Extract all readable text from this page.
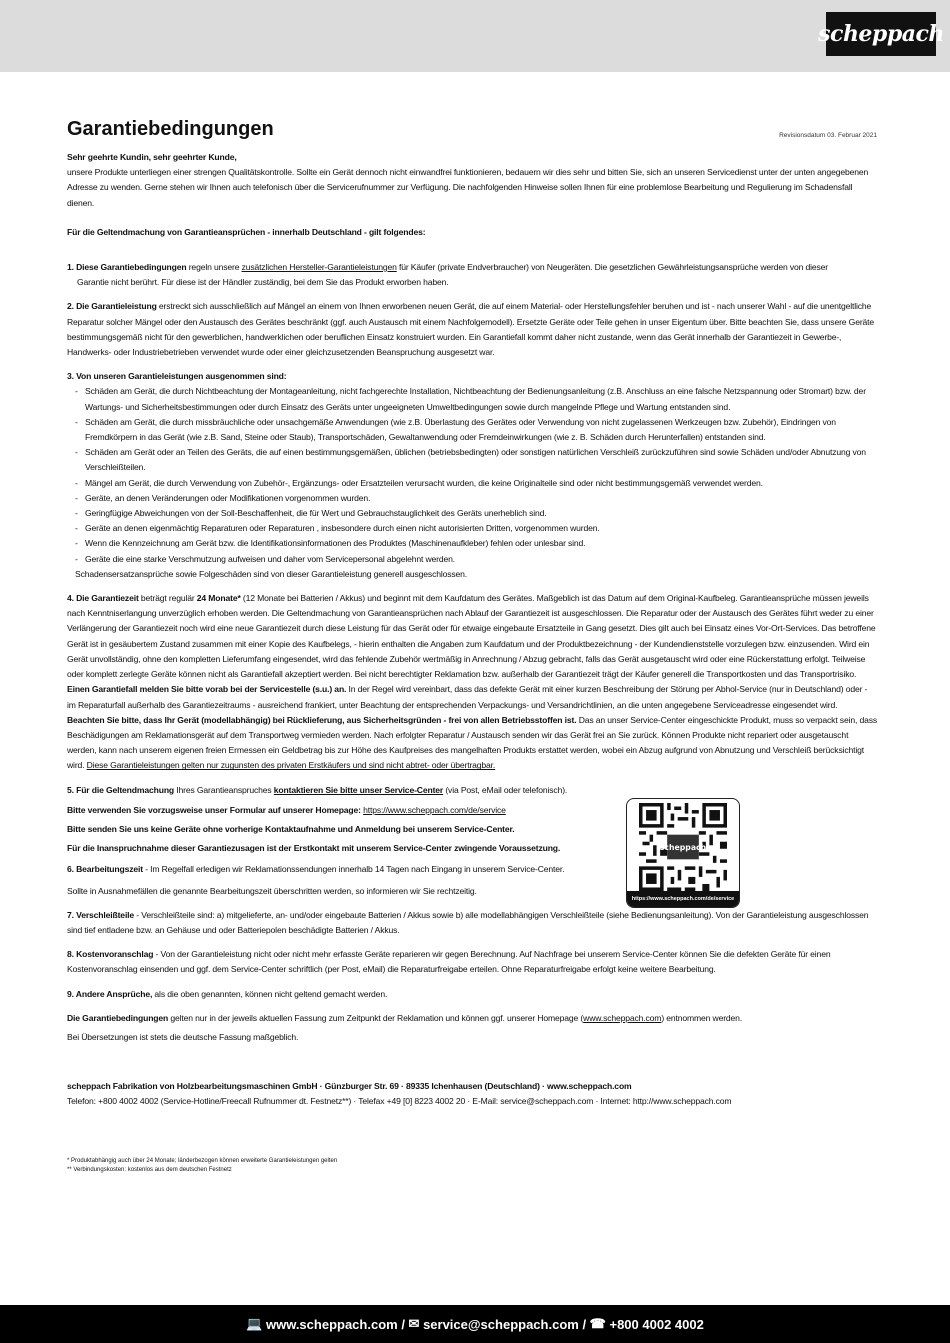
scheppach
Garantiebedingungen	Revisionsdatum 03. Februar 2021

Sehr geehrte Kundin, sehr geehrter Kunde,

unsere Produkte unterliegen einer strengen Qualitätskontrolle. Sollte ein Gerät dennoch nicht einwandfrei funktionieren, bedauern wir dies sehr und bitten Sie, sich an unseren Servicedienst unter der unten angegebenen Adresse zu wenden. Gerne stehen wir Ihnen auch telefonisch über die Servicerufnummer zur Verfügung. Die nachfolgenden Hinweise sollen Ihnen für eine problemlose Bearbeitung und Regulierung im Schadensfall dienen.

Für die Geltendmachung von Garantieansprüchen - innerhalb Deutschland - gilt folgendes:

1. Diese Garantiebedingungen regeln unsere zusätzlichen Hersteller-Garantieleistungen für Käufer (private Endverbraucher) von Neugeräten. Die gesetzlichen Gewährleistungsansprüche werden von dieser

Garantie nicht berührt. Für diese ist der Händler zuständig, bei dem Sie das Produkt erworben haben.

2. Die Garantieleistung erstreckt sich ausschließlich auf Mängel an einem von Ihnen erworbenen neuen Gerät, die auf einem Material- oder Herstellungsfehler beruhen und ist - nach unserer Wahl - auf die unentgeltliche Reparatur solcher Mängel oder den Austausch des Gerätes beschränkt (ggf. auch Austausch mit einem Nachfolgemodell). Ersetzte Geräte oder Teile gehen in unser Eigentum über. Bitte beachten Sie, dass unsere Geräte bestimmungsgemäß nicht für den gewerblichen, handwerklichen oder beruflichen Einsatz konstruiert wurden. Ein Garantiefall kommt daher nicht zustande, wenn das Gerät innerhalb der Garantiezeit in Gewerbe-, Handwerks- oder Industriebetrieben verwendet wurde oder einer gleichzusetzenden Beanspruchung ausgesetzt war.

3. Von unseren Garantieleistungen ausgenommen sind:

- Schäden am Gerät, die durch Nichtbeachtung der Montageanleitung, nicht fachgerechte Installation, Nichtbeachtung der Bedienungsanleitung (z.B. Anschluss an eine falsche Netzspannung oder Stromart) bzw. der Wartungs- und Sicherheitsbestimmungen oder durch Einsatz des Geräts unter ungeeigneten Umweltbedingungen sowie durch mangelnde Pflege und Wartung entstanden sind.
- Schäden am Gerät, die durch missbräuchliche oder unsachgemäße Anwendungen (wie z.B. Überlastung des Gerätes oder Verwendung von nicht zugelassenen Werkzeugen bzw. Zubehör), Eindringen von Fremdkörpern in das Gerät (wie z.B. Sand, Steine oder Staub), Transportschäden, Gewaltanwendung oder Fremdeinwirkungen (wie z. B. Schäden durch Herunterfallen) entstanden sind.
- Schäden am Gerät oder an Teilen des Geräts, die auf einen bestimmungsgemäßen, üblichen (betriebsbedingten) oder sonstigen natürlichen Verschleiß zurückzuführen sind sowie Schäden und/oder Abnutzung von Verschleißteilen.
- Mängel am Gerät, die durch Verwendung von Zubehör-, Ergänzungs- oder Ersatzteilen verursacht wurden, die keine Originalteile sind oder nicht bestimmungsgemäß verwendet werden.
- Geräte, an denen Veränderungen oder Modifikationen vorgenommen wurden.
- Geringfügige Abweichungen von der Soll-Beschaffenheit, die für Wert und Gebrauchstauglichkeit des Geräts unerheblich sind.
- Geräte an denen eigenmächtig Reparaturen oder Reparaturen , insbesondere durch einen nicht autorisierten Dritten, vorgenommen wurden.
- Wenn die Kennzeichnung am Gerät bzw. die Identifikationsinformationen des Produktes (Maschinenaufkleber) fehlen oder unlesbar sind.
- Geräte die eine starke Verschmutzung aufweisen und daher vom Servicepersonal abgelehnt werden.

Schadensersatzansprüche sowie Folgeschäden sind von dieser Garantieleistung generell ausgeschlossen.

4. Die Garantiezeit beträgt regulär 24 Monate* (12 Monate bei Batterien / Akkus) und beginnt mit dem Kaufdatum des Gerätes. Maßgeblich ist das Datum auf dem Original-Kaufbeleg. Garantieansprüche müssen jeweils nach Kenntniserlangung unverzüglich erhoben werden. Die Geltendmachung von Garantieansprüchen nach Ablauf der Garantiezeit ist ausgeschlossen. Die Reparatur oder der Austausch des Gerätes führt weder zu einer Verlängerung der Garantiezeit noch wird eine neue Garantiezeit durch diese Leistung für das Gerät oder für etwaige eingebaute Ersatzteile in Gang gesetzt. Dies gilt auch bei Einsatz eines Vor-Ort-Services. Das betroffene Gerät ist in gesäubertem Zustand zusammen mit einer Kopie des Kaufbelegs, - hierin enthalten die Angaben zum Kaufdatum und der Produktbezeichnung - der Kundendienststelle vorzulegen bzw. einzusenden. Wird ein Gerät unvollständig, ohne den kompletten Lieferumfang eingesendet, wird das fehlende Zubehör wertmäßig in Anrechnung / Abzug gebracht, falls das Gerät ausgetauscht wird oder eine Rückerstattung erfolgt. Teilweise oder komplett zerlegte Geräte können nicht als Garantiefall akzeptiert werden. Bei nicht berechtigter Reklamation bzw. außerhalb der Garantiezeit trägt der Käufer generell die Transportkosten und das Transportrisiko. Einen Garantiefall melden Sie bitte vorab bei der Servicestelle (s.u.) an. In der Regel wird vereinbart, dass das defekte Gerät mit einer kurzen Beschreibung der Störung per Abhol-Service (nur in Deutschland) oder - im Reparaturfall außerhalb des Garantiezeitraums - ausreichend frankiert, unter Beachtung der entsprechenden Verpackungs- und Versandrichtlinien, an die unten angegebene Serviceadresse eingesendet wird. Beachten Sie bitte, dass Ihr Gerät (modellabhängig) bei Rücklieferung, aus Sicherheitsgründen - frei von allen Betriebsstoffen ist. Das an unser Service-Center eingeschickte Produkt, muss so verpackt sein, dass Beschädigungen am Reklamationsgerät auf dem Transportweg vermieden werden. Nach erfolgter Reparatur / Austausch senden wir das Gerät frei an Sie zurück. Können Produkte nicht repariert oder ausgetauscht werden, kann nach unserem eigenen freien Ermessen ein Geldbetrag bis zur Höhe des Kaufpreises des mangelhaften Produkts erstattet werden, wobei ein Abzug aufgrund von Abnutzung und Verschleiß berücksichtigt wird. Diese Garantieleistungen gelten nur zugunsten des privaten Erstkäufers und sind nicht abtret- oder übertragbar.

5. Für die Geltendmachung Ihres Garantieanspruches kontaktieren Sie bitte unser Service-Center (via Post, eMail oder telefonisch).

Bitte verwenden Sie vorzugsweise unser Formular auf unserer Homepage: https://www.scheppach.com/de/service

Bitte senden Sie uns keine Geräte ohne vorherige Kontaktaufnahme und Anmeldung bei unserem Service-Center.

Für die Inanspruchnahme dieser Garantiezusagen ist der Erstkontakt mit unserem Service-Center zwingende Voraussetzung.

6. Bearbeitungszeit - Im Regelfall erledigen wir Reklamationssendungen innerhalb 14 Tagen nach Eingang in unserem Service-Center.

Sollte in Ausnahmefällen die genannte Bearbeitungszeit überschritten werden, so informieren wir Sie rechtzeitig.

7. Verschleißteile - Verschleißteile sind: a) mitgelieferte, an- und/oder eingebaute Batterien / Akkus sowie b) alle modellabhängigen Verschleißteile (siehe Bedienungsanleitung). Von der Garantieleistung ausgeschlossen sind tief entladene bzw. an Gehäuse und oder Batteriepolen beschädigte Batterien / Akkus.

8. Kostenvoranschlag - Von der Garantieleistung nicht oder nicht mehr erfasste Geräte reparieren wir gegen Berechnung. Auf Nachfrage bei unserem Service-Center können Sie die defekten Geräte für einen Kostenvoranschlag einsenden und ggf. dem Service-Center schriftlich (per Post, eMail) die Reparaturfreigabe erteilen. Ohne Reparaturfreigabe erfolgt keine weitere Bearbeitung.

9. Andere Ansprüche, als die oben genannten, können nicht geltend gemacht werden.

Die Garantiebedingungen gelten nur in der jeweils aktuellen Fassung zum Zeitpunkt der Reklamation und können ggf. unserer Homepage (www.scheppach.com) entnommen werden.

Bei Übersetzungen ist stets die deutsche Fassung maßgeblich.

scheppach Fabrikation von Holzbearbeitungsmaschinen GmbH · Günzburger Str. 69 · 89335 Ichenhausen (Deutschland) · www.scheppach.com

Telefon: +800 4002 4002 (Service-Hotline/Freecall Rufnummer dt. Festnetz**) · Telefax +49 [0] 8223 4002 20 · E-Mail: service@scheppach.com · Internet: http://www.scheppach.com

scheppach
https://www.scheppach.com/de/service

* Produktabhängig auch über 24 Monate; länderbezogen können erweiterte Garantieleistungen gelten

** Verbindungskosten: kostenlos aus dem deutschen Festnetz

💻 www.scheppach.com / ✉ service@scheppach.com / ☎ +800 4002 4002
